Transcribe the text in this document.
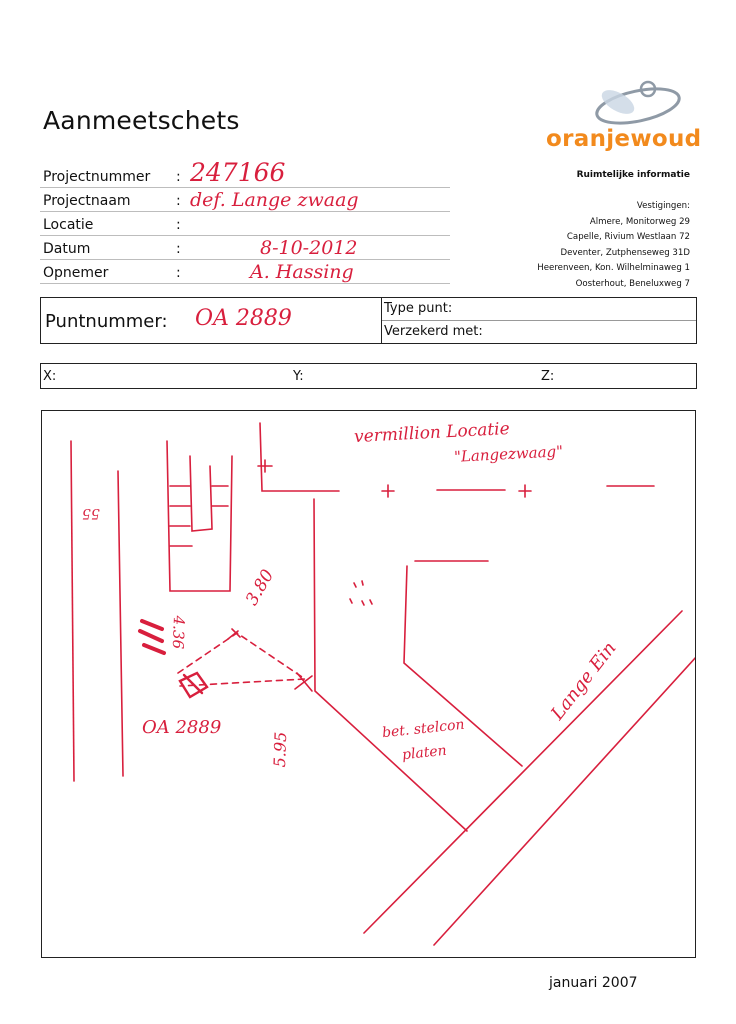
Aanmeetschets
oranjewoud
Ruimtelijke informatie
Vestigingen:
Almere, Monitorweg 29
Capelle, Rivium Westlaan 72
Deventer, Zutphenseweg 31D
Heerenveen, Kon. Wilhelminaweg 1
Oosterhout, Beneluxweg 7
Projectnummer : 247166
Projectnaam	: def. Lange zwaag
Locatie	:
Datum	:	8-10-2012
Opnemer	:	A. Hassing
Puntnummer: OA 2889	Type punt:
Verzekerd met:
X:	Y:	Z:
vermillion Locatie
"Langezwaag"
Lange Ein
bet. stelcon
platen
OA 2889
3.80
4.36
5.95
55
januari 2007
